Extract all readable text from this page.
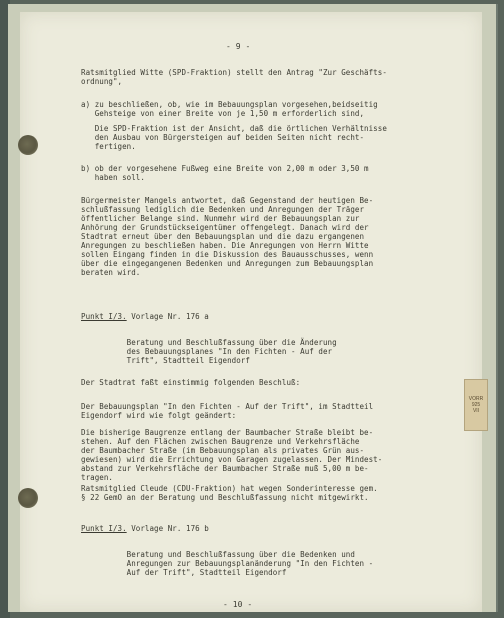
- 9 -
Ratsmitglied Witte (SPD-Fraktion) stellt den Antrag "Zur Geschäfts-
ordnung",
a) zu beschließen, ob, wie im Bebauungsplan vorgesehen,beidseitig
Gehsteige von einer Breite von je 1,50 m erforderlich sind,
Die SPD-Fraktion ist der Ansicht, daß die örtlichen Verhältnisse
den Ausbau von Bürgersteigen auf beiden Seiten nicht recht-
fertigen.
b) ob der vorgesehene Fußweg eine Breite von 2,00 m oder 3,50 m
haben soll.
Bürgermeister Mangels antwortet, daß Gegenstand der heutigen Be-
schlußfassung lediglich die Bedenken und Anregungen der Träger
öffentlicher Belange sind. Nunmehr wird der Bebauungsplan zur
Anhörung der Grundstückseigentümer offengelegt. Danach wird der
Stadtrat erneut über den Bebauungsplan und die dazu ergangenen
Anregungen zu beschließen haben. Die Anregungen von Herrn Witte
sollen Eingang finden in die Diskussion des Bauausschusses, wenn
über die eingegangenen Bedenken und Anregungen zum Bebauungsplan
beraten wird.
Punkt I/3. Vorlage Nr. 176 a
Beratung und Beschlußfassung über die Änderung
des Bebauungsplanes "In den Fichten - Auf der
Trift", Stadtteil Eigendorf
Der Stadtrat faßt einstimmig folgenden Beschluß:
Der Bebauungsplan "In den Fichten - Auf der Trift", im Stadtteil
Eigendorf wird wie folgt geändert:
Die bisherige Baugrenze entlang der Baumbacher Straße bleibt be-
stehen. Auf den Flächen zwischen Baugrenze und Verkehrsfläche
der Baumbacher Straße (im Bebauungsplan als privates Grün aus-
gewiesen) wird die Errichtung von Garagen zugelassen. Der Mindest-
abstand zur Verkehrsfläche der Baumbacher Straße muß 5,00 m be-
tragen.
Ratsmitglied Cleude (CDU-Fraktion) hat wegen Sonderinteresse gem.
§ 22 GemO an der Beratung und Beschlußfassung nicht mitgewirkt.
Punkt I/3. Vorlage Nr. 176 b
Beratung und Beschlußfassung über die Bedenken und
Anregungen zur Bebauungsplanänderung "In den Fichten -
Auf der Trift", Stadtteil Eigendorf
- 10 -
VORR
925
VII
